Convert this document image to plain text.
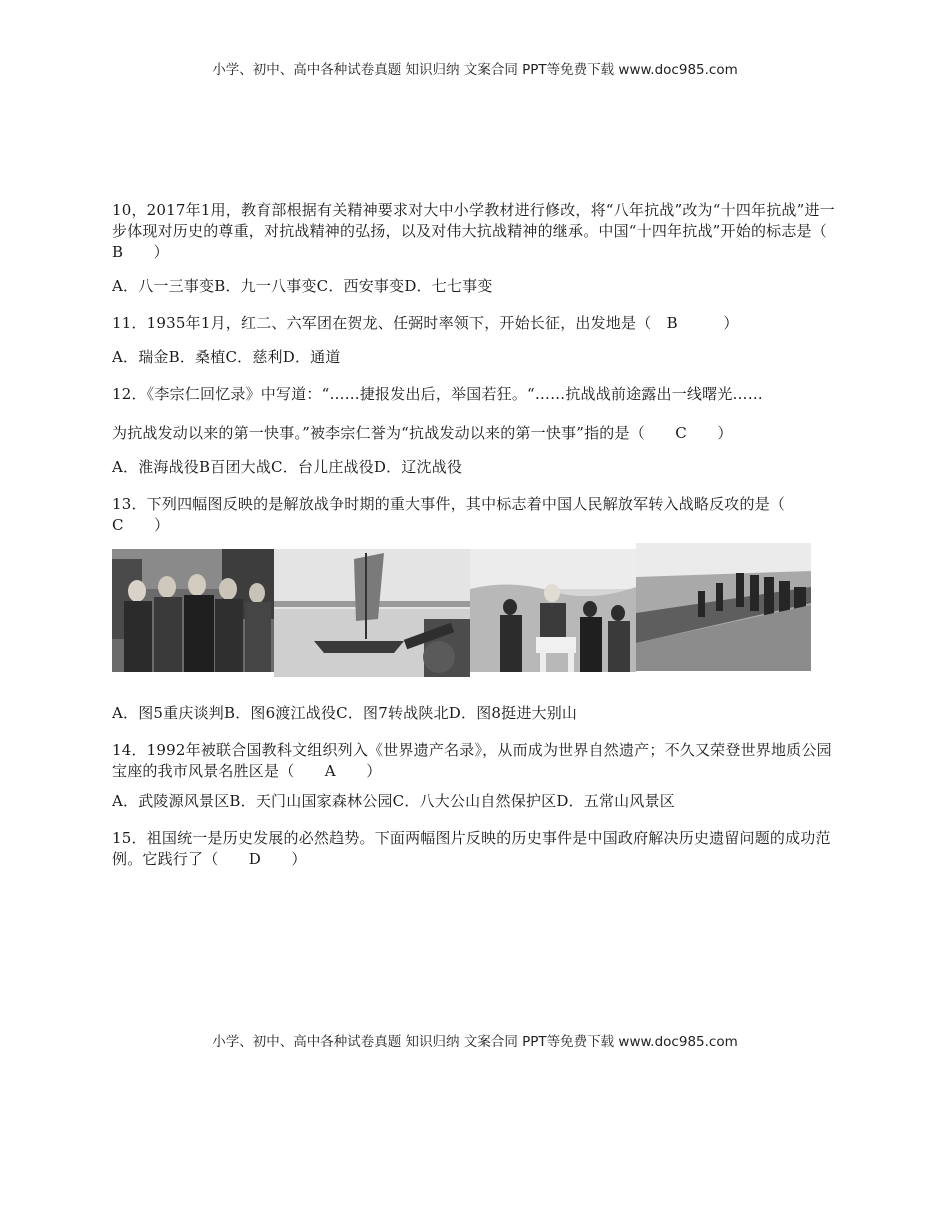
小学、初中、高中各种试卷真题 知识归纳 文案合同 PPT等免费下载 www.doc985.com

10，2017年1用，教育部根据有关精神要求对大中小学教材进行修改，将“八年抗战”改为“十四年抗战”进一步体现对历史的尊重，对抗战精神的弘扬，以及对伟大抗战精神的继承。中国“十四年抗战”开始的标志是（　　B　　）

A．八一三事变B．九一八事变C．西安事变D．七七事变

11．1935年1月，红二、六军团在贺龙、任弼时率领下，开始长征，出发地是（　B　　　）

A．瑞金B．桑植C．慈利D．通道

12．《李宗仁回忆录》中写道：“……捷报发出后，举国若狂。“……抗战战前途露出一线曙光……

为抗战发动以来的第一快事。”被李宗仁誉为“抗战发动以来的第一快事”指的是（　　C　　）

A．淮海战役B百团大战C．台儿庄战役D．辽沈战役

13．下列四幅图反映的是解放战争时期的重大事件，其中标志着中国人民解放军转入战略反攻的是（　C　　）

A．图5重庆谈判B．图6渡江战役C．图7转战陕北D．图8挺进大别山

14．1992年被联合国教科文组织列入《世界遗产名录》，从而成为世界自然遗产；不久又荣登世界地质公园宝座的我市风景名胜区是（　　A　　）

A．武陵源风景区B．天门山国家森林公园C．八大公山自然保护区D．五常山风景区

15．祖国统一是历史发展的必然趋势。下面两幅图片反映的历史事件是中国政府解决历史遗留问题的成功范例。它践行了（　　D　　）

小学、初中、高中各种试卷真题 知识归纳 文案合同 PPT等免费下载 www.doc985.com
